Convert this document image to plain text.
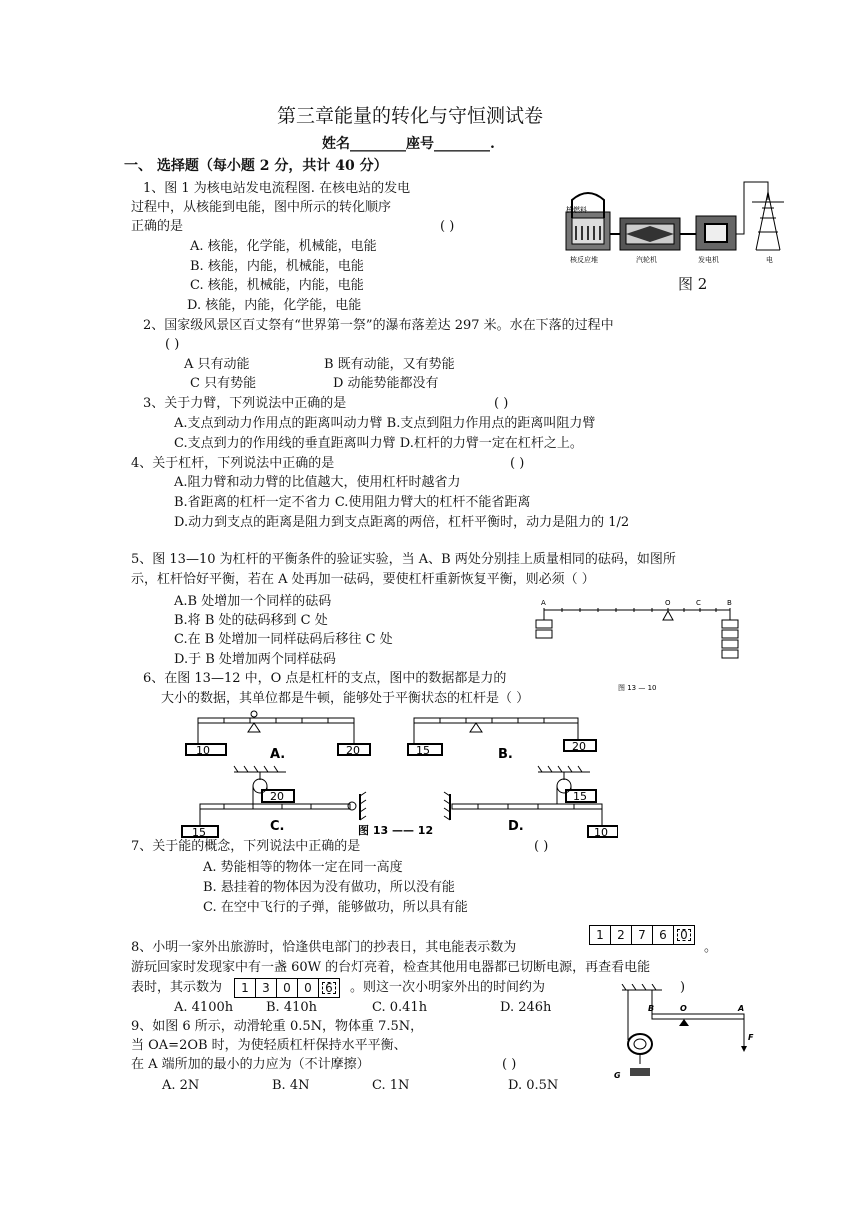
第三章能量的转化与守恒测试卷
姓名________座号________.
一、 选择题（每小题 2 分，共计 40 分）
1、图 1 为核电站发电流程图. 在核电站的发电
过程中，从核能到电能，图中所示的转化顺序
正确的是	( )
A. 核能，化学能，机械能，电能
B. 核能，内能，机械能，电能
C. 核能，机械能，内能，电能
D. 核能，内能，化学能，电能
核燃料
核反应堆	汽轮机	发电机	电
图 2
2、国家级风景区百丈祭有“世界第一祭”的瀑布落差达 297 米。水在下落的过程中
( )
A 只有动能	B 既有动能，又有势能
C 只有势能	D 动能势能都没有
3、关于力臂，下列说法中正确的是	( )
A.支点到动力作用点的距离叫动力臂 B.支点到阻力作用点的距离叫阻力臂
C.支点到力的作用线的垂直距离叫力臂 D.杠杆的力臂一定在杠杆之上。
4、关于杠杆，下列说法中正确的是	( )
A.阻力臂和动力臂的比值越大，使用杠杆时越省力
B.省距离的杠杆一定不省力 C.使用阻力臂大的杠杆不能省距离
D.动力到支点的距离是阻力到支点距离的两倍，杠杆平衡时，动力是阻力的 1/2
5、图 13—10 为杠杆的平衡条件的验证实验，当 A、B 两处分别挂上质量相同的砝码，如图所
示，杠杆恰好平衡，若在 A 处再加一砝码，要使杠杆重新恢复平衡，则必须（ ）
A.B 处增加一个同样的砝码
B.将 B 处的砝码移到 C 处
C.在 B 处增加一同样砝码后移往 C 处
D.于 B 处增加两个同样砝码
A	O	C	B
图 13 — 10
6、在图 13—12 中，O 点是杠杆的支点，图中的数据都是力的
大小的数据，其单位都是牛顿，能够处于平衡状态的杠杆是（ ）
10	20
A.	15	20
B.
20
15	C.
15
10
D.
图 13 —— 12
7、关于能的概念，下列说法中正确的是	( )
A. 势能相等的物体一定在同一高度
B. 悬挂着的物体因为没有做功，所以没有能
C. 在空中飞行的子弹，能够做功，所以具有能
8、小明一家外出旅游时，恰逢供电部门的抄表日，其电能表示数为
1	2	7	6	0
。
游玩回家时发现家中有一盏 60W 的台灯亮着，检查其他用电器都已切断电源，再查看电能
表时，其示数为	1	3	0	0	6	。则这一次小明家外出的时间约为	)
A. 4100h	B. 410h	C. 0.41h	D. 246h
9、如图 6 所示，动滑轮重 0.5N，物体重 7.5N，
当 OA=2OB 时，为使轻质杠杆保持水平平衡、
在 A 端所加的最小的力应为（不计摩擦）	( )
A. 2N	B. 4N	C. 1N	D. 0.5N
B	O	A
F
G
